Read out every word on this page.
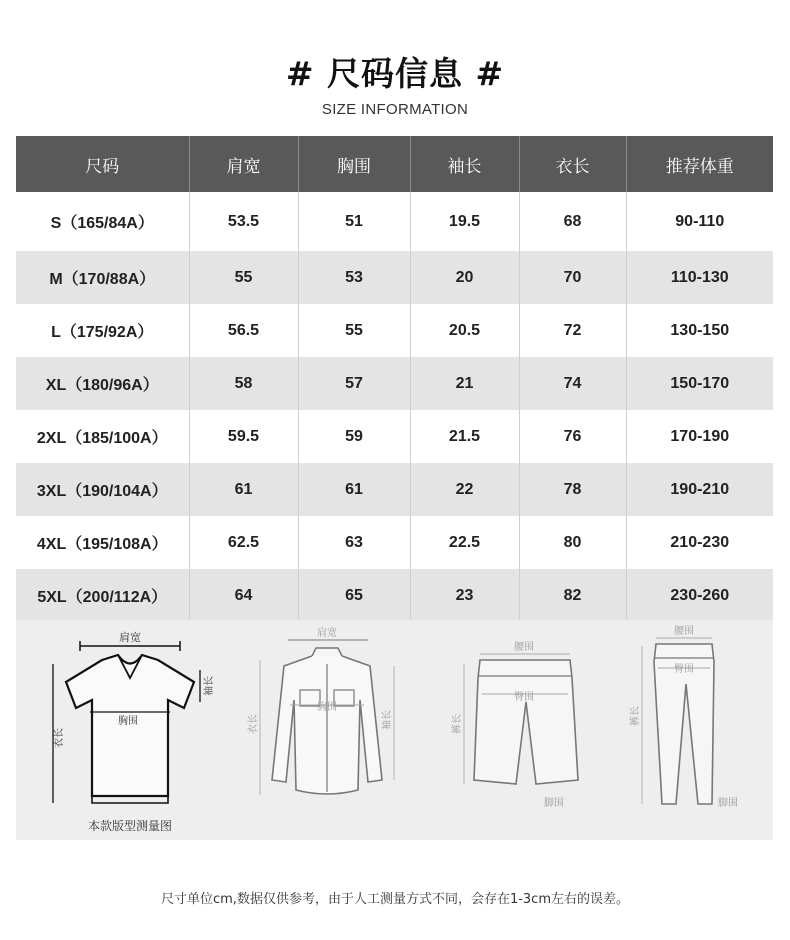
# 尺码信息 #
SIZE INFORMATION
尺码	肩宽	胸围	袖长	衣长	推荐体重
S（165/84A）	53.5	51	19.5	68	90-110
M（170/88A）	55	53	20	70	110-130
L（175/92A）	56.5	55	20.5	72	130-150
XL（180/96A）	58	57	21	74	150-170
2XL（185/100A）	59.5	59	21.5	76	170-190
3XL（190/104A）	61	61	22	78	190-210
4XL（195/108A）	62.5	63	22.5	80	210-230
5XL（200/112A）	64	65	23	82	230-260
肩宽
袖长
胸围
衣长
本款版型测量图
肩宽
胸围
衣长	袖长
腰围
臀围
裤长
脚围
腰围
臀围
裤长
脚围
尺寸单位cm,数据仅供参考，由于人工测量方式不同，会存在1-3cm左右的误差。
